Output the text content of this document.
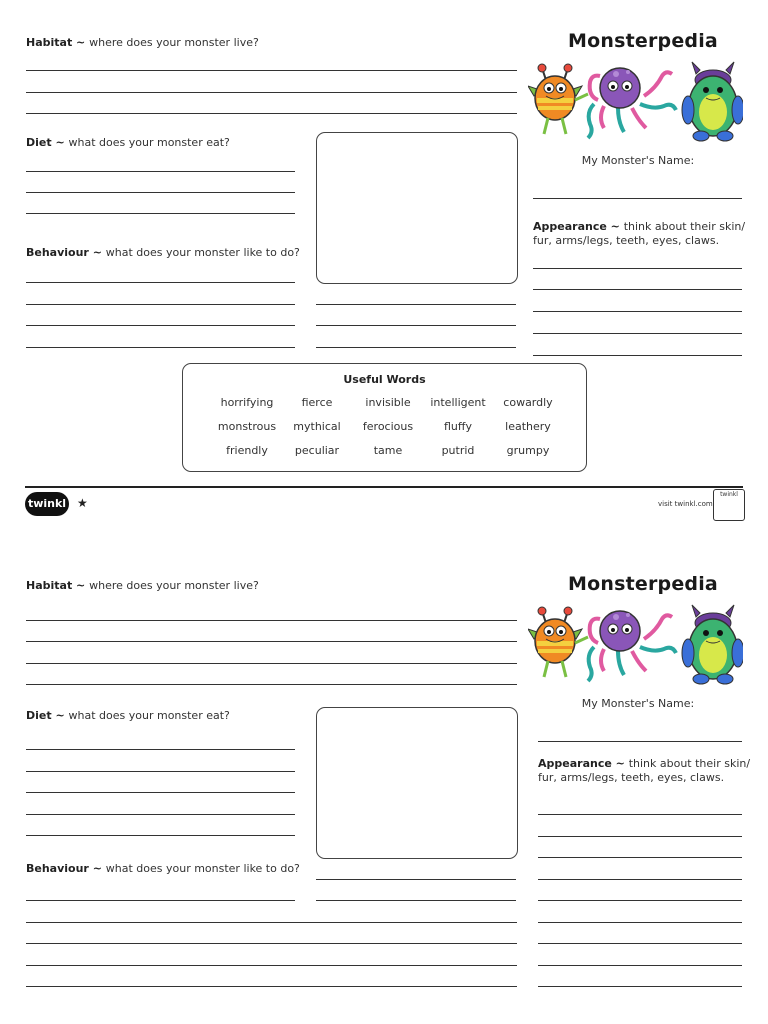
Habitat ~ where does your monster live?	Monsterpedia
Diet ~ what does your monster eat?
My Monster's Name:
Appearance ~ think about their skin/
fur, arms/legs, teeth, eyes, claws.
Behaviour ~ what does your monster like to do?
Useful Words
horrifying	fierce	invisible	intelligent	cowardly
monstrous	mythical	ferocious	fluffy	leathery
friendly	peculiar	tame	putrid	grumpy
twinkl ★	visit twinkl.com
twinkl
Habitat ~ where does your monster live?	Monsterpedia
Diet ~ what does your monster eat?
My Monster's Name:
Appearance ~ think about their skin/
fur, arms/legs, teeth, eyes, claws.
Behaviour ~ what does your monster like to do?
